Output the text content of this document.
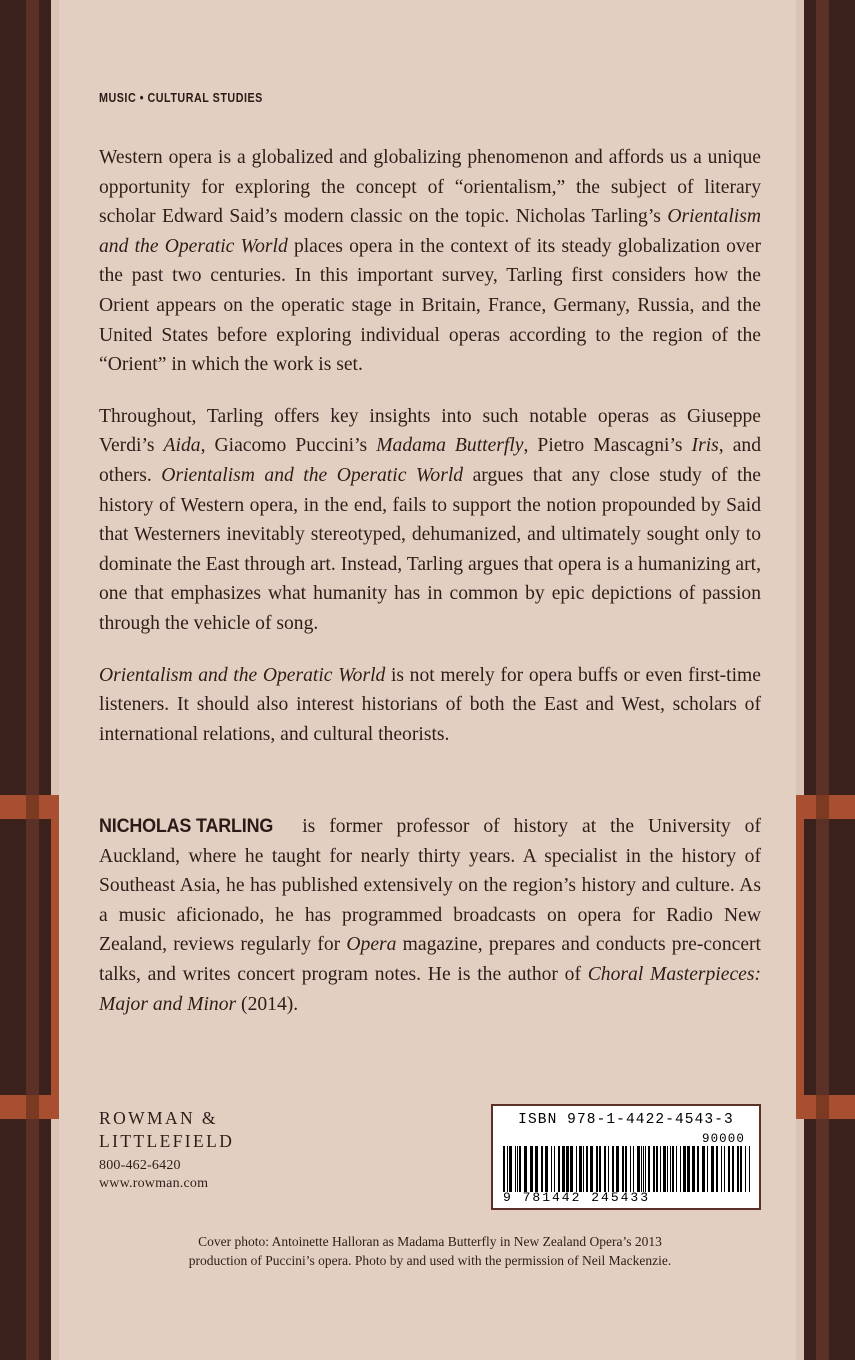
MUSIC • CULTURAL STUDIES

Western opera is a globalized and globalizing phenomenon and affords us a unique opportunity for exploring the concept of “orientalism,” the subject of literary scholar Edward Said’s modern classic on the topic. Nicholas Tarling’s Orientalism and the Operatic World places opera in the context of its steady globalization over the past two centuries. In this important survey, Tarling first considers how the Orient appears on the operatic stage in Britain, France, Germany, Russia, and the United States before exploring individual operas according to the region of the “Orient” in which the work is set.

Throughout, Tarling offers key insights into such notable operas as Giuseppe Verdi’s Aida, Giacomo Puccini’s Madama Butterfly, Pietro Mascagni’s Iris, and others. Orientalism and the Operatic World argues that any close study of the history of Western opera, in the end, fails to support the notion propounded by Said that Westerners inevitably stereotyped, dehumanized, and ultimately sought only to dominate the East through art. Instead, Tarling argues that opera is a humanizing art, one that emphasizes what humanity has in common by epic depictions of passion through the vehicle of song.

Orientalism and the Operatic World is not merely for opera buffs or even first-time listeners. It should also interest historians of both the East and West, scholars of international relations, and cultural theorists.

NICHOLAS TARLING is former professor of history at the University of Auckland, where he taught for nearly thirty years. A specialist in the history of Southeast Asia, he has published extensively on the region’s history and culture. As a music aficionado, he has programmed broadcasts on opera for Radio New Zealand, reviews regularly for Opera magazine, prepares and conducts pre-concert talks, and writes concert program notes. He is the author of Choral Masterpieces: Major and Minor (2014).
ROWMAN &
LITTLEFIELD
800-462-6420
www.rowman.com
ISBN 978-1-4422-4543-3
90000
9 781442 245433
Cover photo: Antoinette Halloran as Madama Butterfly in New Zealand Opera’s 2013
production of Puccini’s opera. Photo by and used with the permission of Neil Mackenzie.
